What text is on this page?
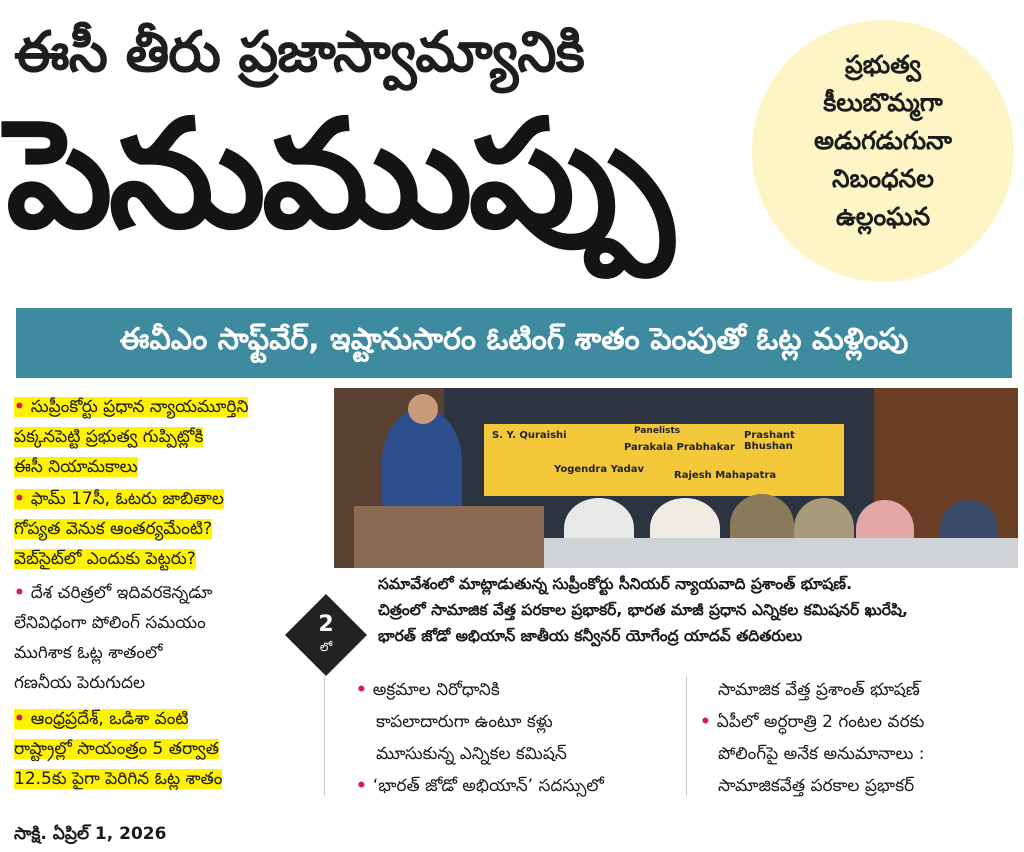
ఈసీ తీరు ప్రజాస్వామ్యానికి
పెనుముప్పు
ప్రభుత్వ
కీలుబొమ్మగా
అడుగడుగునా
నిబంధనల
ఉల్లంఘన
ఈవీఎం సాఫ్ట్‌వేర్, ఇష్టానుసారం ఓటింగ్ శాతం పెంపుతో ఓట్ల మళ్లింపు
• సుప్రీంకోర్టు ప్రధాన న్యాయమూర్తిని
పక్కనపెట్టి ప్రభుత్వ గుప్పిట్లోకి
ఈసీ నియామకాలు
• ఫామ్ 17సీ, ఓటరు జాబితాల
గోప్యత వెనుక ఆంతర్యమేంటి?
వెబ్‌సైట్‌లో ఎందుకు పెట్టరు?
• దేశ చరిత్రలో ఇదివరకెన్నడూ
లేనివిధంగా పోలింగ్ సమయం
ముగిశాక ఓట్ల శాతంలో
గణనీయ పెరుగుదల
• ఆంధ్రప్రదేశ్, ఒడిశా వంటి
రాష్ట్రాల్లో సాయంత్రం 5 తర్వాత
12.5కు పైగా పెరిగిన ఓట్ల శాతం
S. Y. Quraishi
Parakala Prabhakar
Prashant Bhushan
Yogendra Yadav
Rajesh Mahapatra
Panelists
సమావేశంలో మాట్లాడుతున్న సుప్రీంకోర్టు సీనియర్ న్యాయవాది ప్రశాంత్ భూషణ్.
చిత్రంలో సామాజిక వేత్త పరకాల ప్రభాకర్, భారత మాజీ ప్రధాన ఎన్నికల కమిషనర్ ఖురేషి,
భారత్ జోడో అభియాన్ జాతీయ కన్వీనర్ యోగేంద్ర యాదవ్ తదితరులు
2
లో
• అక్రమాల నిరోధానికి
కాపలాదారుగా ఉంటూ కళ్లు
మూసుకున్న ఎన్నికల కమిషన్
• ‘భారత్ జోడో అభియాన్’ సదస్సులో
సామాజిక వేత్త ప్రశాంత్ భూషణ్
• ఏపీలో అర్ధరాత్రి 2 గంటల వరకు
పోలింగ్‌పై అనేక అనుమానాలు :
సామాజికవేత్త పరకాల ప్రభాకర్
సాక్షి. ఏప్రిల్ 1, 2026
